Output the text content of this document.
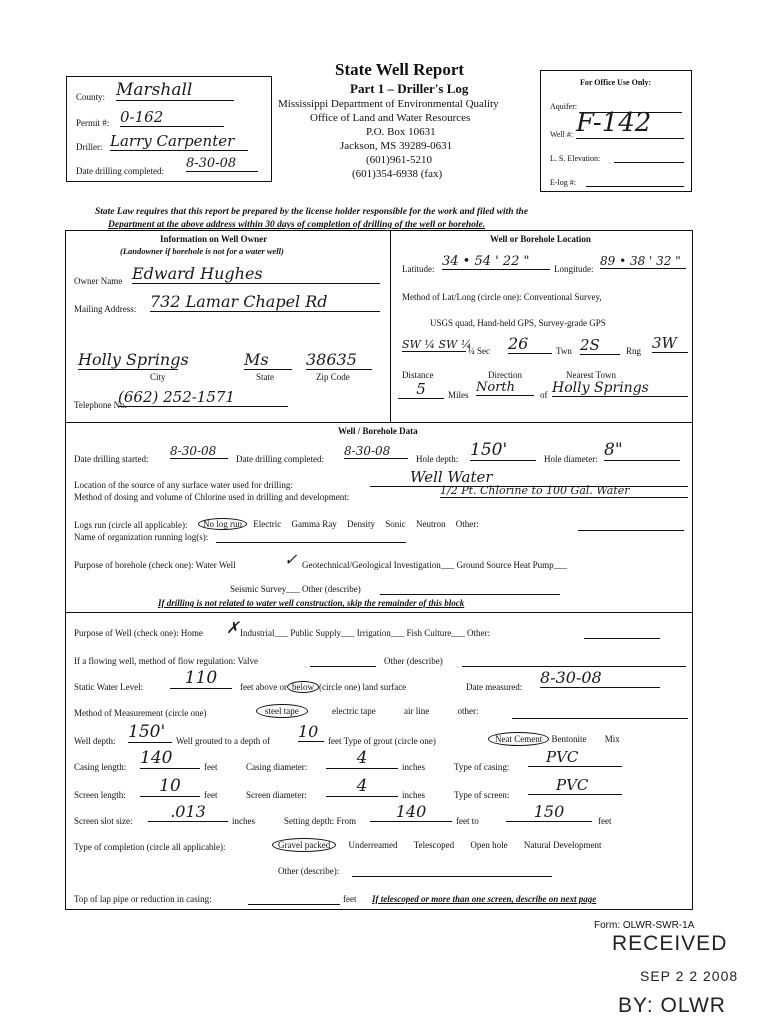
State Well Report
Part 1 – Driller's Log
Mississippi Department of Environmental Quality
Office of Land and Water Resources
P.O. Box 10631
Jackson, MS 39289-0631
(601)961-5210
(601)354-6938 (fax)
County: Marshall
Permit #: 0-162
Driller: Larry Carpenter
Date drilling completed: 8-30-08
For Office Use Only:
Aquifer:
Well #: F-142
L. S. Elevation:
E-log #:
State Law requires that this report be prepared by the license holder responsible for the work and filed with the
Department at the above address within 30 days of completion of drilling of the well or borehole.
Information on Well Owner
(Landowner if borehole is not for a water well)
Owner Name Edward Hughes
Mailing Address: 732 Lamar Chapel Rd
Holly Springs	Ms	38635
City	State	Zip Code
Telephone No.
(662) 252-1571
Well or Borehole Location
Latitude: 34 • 54 ' 22 "	Longitude:
89 • 38 ' 32 "
Method of Lat/Long (circle one): Conventional Survey,
USGS quad, Hand-held GPS, Survey-grade GPS
SW ¼ SW ¼
¼ Sec 26	Twn 2S	Rng 3W
Distance	Direction	Nearest Town
5	Miles North	of Holly Springs
Well / Borehole Data
Date drilling started:
8-30-08
Date drilling completed:
8-30-08
Hole depth: 150'	Hole diameter: 8"
Location of the source of any surface water used for drilling:	Well Water
Method of dosing and volume of Chlorine used in drilling and development:	1/2 Pt. Chlorine to 100 Gal. Water
Logs run (circle all applicable):	No log run Electric Gamma Ray Density Sonic Neutron Other:
Name of organization running log(s):
Purpose of borehole (check one): Water Well	✓ Geotechnical/Geological Investigation___ Ground Source Heat Pump___
Seismic Survey___ Other (describe)
If drilling is not related to water well construction, skip the remainder of this block
Purpose of Well (check one): Home ✗ Industrial___ Public Supply___ Irrigation___ Fish Culture___ Other:
If a flowing well, method of flow regulation: Valve	Other (describe)
Static Water Level:	110	feet above or below (circle one) land surface	Date measured: 8-30-08
Method of Measurement (circle one)	steel tape	electric tape	air line	other:
Well depth: 150'	Well grouted to a depth of 10	feet Type of grout (circle one)	Neat Cement Bentonite Mix
Casing length: 140	feet	Casing diameter:	4	inches	Type of casing:
PVC
Screen length:	10	feet	Screen diameter:	4	inches	Type of screen:
PVC
Screen slot size:	.013	inches	Setting depth: From	140	feet to	150	feet
Type of completion (circle all applicable):	Gravel packed Underreamed Telescoped Open hole Natural Development
Other (describe):
Top of lap pipe or reduction in casing:	feet If telescoped or more than one screen, describe on next page
Form: OLWR-SWR-1A
RECEIVED
SEP 2 2 2008
BY: OLWR
